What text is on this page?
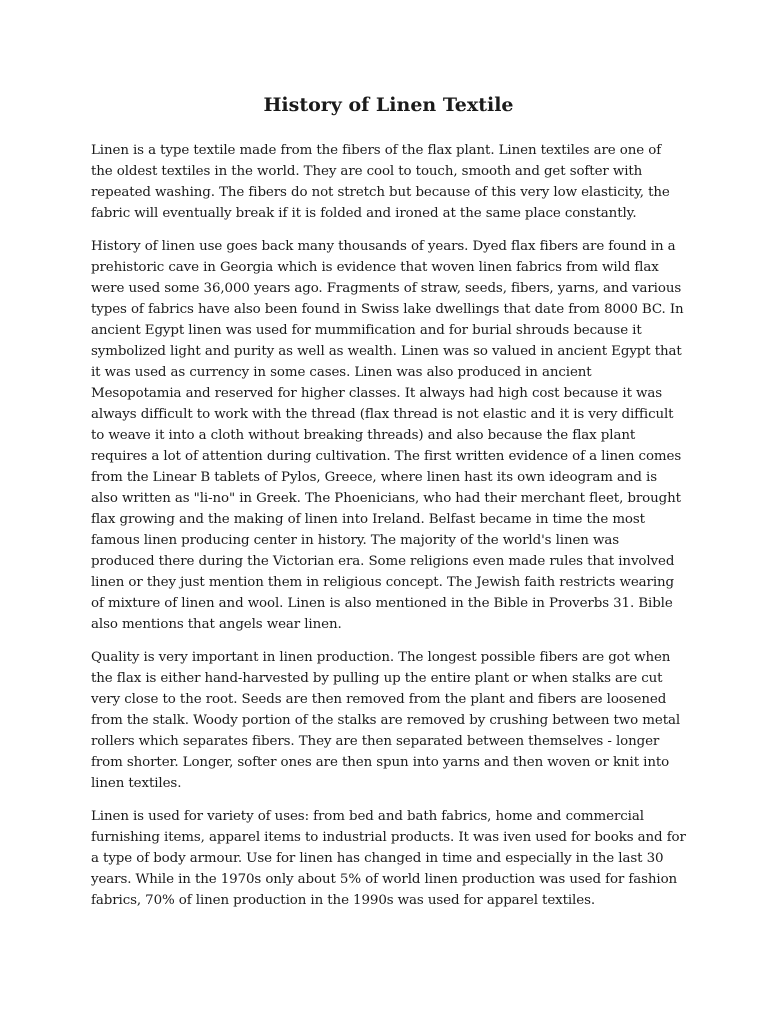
History of Linen Textile

Linen is a type textile made from the fibers of the flax plant. Linen textiles are one of the oldest textiles in the world. They are cool to touch, smooth and get softer with repeated washing. The fibers do not stretch but because of this very low elasticity, the fabric will eventually break if it is folded and ironed at the same place constantly.

History of linen use goes back many thousands of years. Dyed flax fibers are found in a prehistoric cave in Georgia which is evidence that woven linen fabrics from wild flax were used some 36,000 years ago. Fragments of straw, seeds, fibers, yarns, and various types of fabrics have also been found in Swiss lake dwellings that date from 8000 BC. In ancient Egypt linen was used for mummification and for burial shrouds because it symbolized light and purity as well as wealth. Linen was so valued in ancient Egypt that it was used as currency in some cases. Linen was also produced in ancient Mesopotamia and reserved for higher classes. It always had high cost because it was always difficult to work with the thread (flax thread is not elastic and it is very difficult to weave it into a cloth without breaking threads) and also because the flax plant requires a lot of attention during cultivation. The first written evidence of a linen comes from the Linear B tablets of Pylos, Greece, where linen hast its own ideogram and is also written as "li-no" in Greek. The Phoenicians, who had their merchant fleet, brought flax growing and the making of linen into Ireland. Belfast became in time the most famous linen producing center in history. The majority of the world's linen was produced there during the Victorian era. Some religions even made rules that involved linen or they just mention them in religious concept. The Jewish faith restricts wearing of mixture of linen and wool. Linen is also mentioned in the Bible in Proverbs 31. Bible also mentions that angels wear linen.

Quality is very important in linen production. The longest possible fibers are got when the flax is either hand-harvested by pulling up the entire plant or when stalks are cut very close to the root. Seeds are then removed from the plant and fibers are loosened from the stalk. Woody portion of the stalks are removed by crushing between two metal rollers which separates fibers. They are then separated between themselves - longer from shorter. Longer, softer ones are then spun into yarns and then woven or knit into linen textiles.

Linen is used for variety of uses: from bed and bath fabrics, home and commercial furnishing items, apparel items to industrial products. It was iven used for books and for a type of body armour. Use for linen has changed in time and especially in the last 30 years. While in the 1970s only about 5% of world linen production was used for fashion fabrics, 70% of linen production in the 1990s was used for apparel textiles.
